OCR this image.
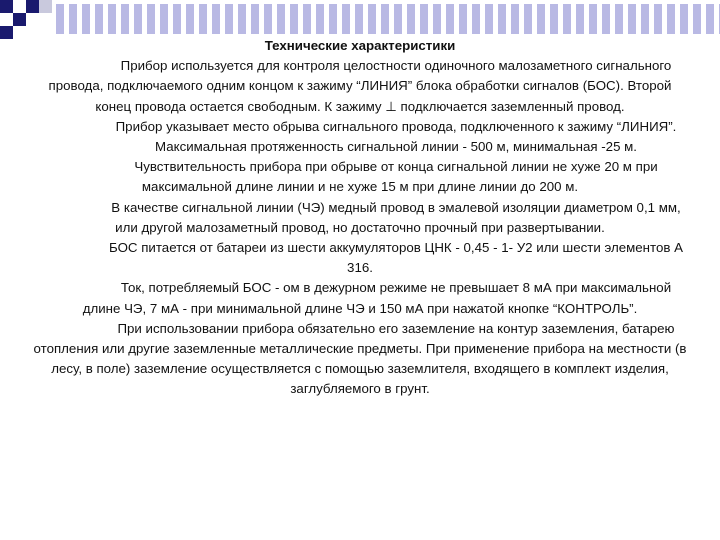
Технические характеристики
Прибор используется для контроля целостности одиночного малозаметного сигнального провода, подключаемого одним концом к зажиму “ЛИНИЯ” блока обработки сигналов (БОС). Второй конец провода остается свободным. К зажиму ⊥ подключается заземленный провод.
Прибор указывает место обрыва сигнального провода, подключенного к зажиму “ЛИНИЯ”.
Максимальная протяженность сигнальной линии - 500 м, минимальная -25 м.
Чувствительность прибора при обрыве от конца сигнальной линии не хуже 20 м при максимальной длине линии и не хуже 15 м при длине линии до 200 м.
В качестве сигнальной линии (ЧЭ) медный провод в эмалевой изоляции диаметром 0,1 мм, или другой малозаметный провод, но достаточно прочный при развертывании.
БОС питается от батареи из шести аккумуляторов ЦНК - 0,45 - 1- У2 или шести элементов А 316.
Ток, потребляемый БОС - ом в дежурном режиме не превышает 8 мА при максимальной длине ЧЭ, 7 мА - при минимальной длине ЧЭ и 150 мА при нажатой кнопке “КОНТРОЛЬ”.
При использовании прибора обязательно его заземление на контур заземления, батарею отопления или другие заземленные металлические предметы. При применение прибора на местности (в лесу, в поле) заземление осуществляется с помощью заземлителя, входящего в комплект изделия, заглубляемого в грунт.
